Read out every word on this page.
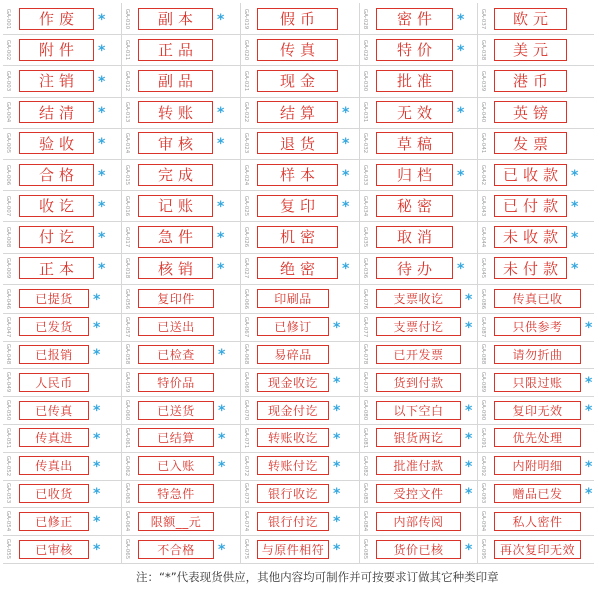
GA-001 作废 *	GA-010 副本 *	GA-019 假币	GA-028 密件 *	GA-037 欧元
GA-002 附件 *	GA-011 正品	GA-020 传真	GA-029 特价 *	GA-038 美元
GA-003 注销 *	GA-012 副品	GA-021 现金	GA-030 批准	GA-039 港币
GA-004 结清 *	GA-013 转账 *	GA-022 结算 * GA-031 无效 *	GA-040 英镑
GA-005 验收 *	GA-014 审核 *	GA-023 退货 * GA-032 草稿	GA-041 发票
GA-006 合格 *	GA-015 完成	GA-024 样本 * GA-033 归档 *	GA-042 已收款 *
GA-007 收讫 *	GA-016 记账 *	GA-025 复印 * GA-034 秘密	GA-043 已付款 *
GA-008 付讫 *	GA-017 急件 *	GA-026 机密	GA-035 取消	GA-044 未收款 *
GA-009 正本 *	GA-018 核销 *	GA-027 绝密 * GA-036 待办 *	GA-045 未付款 *
GA-046 已提货 *	GA-056 复印件	GA-066 印刷品	GA-076 支票收讫 * GA-086 传真已收
GA-047 已发货 *	GA-057 已送出	GA-067 已修订 *	GA-077 支票付讫 * GA-087 只供参考 *
GA-048 已报销 *	GA-058 已检查 *	GA-068 易碎品	GA-078 已开发票	GA-088 请勿折曲
GA-049 人民币	GA-059 特价品	GA-069 现金收讫 *	GA-079 货到付款	GA-089 只限过账 *
GA-050 已传真 *	GA-060 已送货 *	GA-070 现金付讫 *	GA-080 以下空白 * GA-090 复印无效 *
GA-051 传真进 *	GA-061 已结算 *	GA-071 转账收讫 *	GA-081 银货两讫 * GA-091 优先处理
GA-052 传真出 *	GA-062 已入账 *	GA-072 转账付讫 *	GA-082 批准付款 * GA-092 内附明细 *
GA-053 已收货 *	GA-063 特急件	GA-073 银行收讫 *	GA-083 受控文件 * GA-093 赠品已发 *
GA-054 已修正 *	GA-064 限额__元	GA-074 银行付讫 *	GA-084 内部传阅	GA-094 私人密件
GA-055 已审核 *	GA-065 不合格 *	GA-075 与原件相符 *	GA-085 货价已核 * GA-095 再次复印无效
注：“*”代表现货供应，其他内容均可制作并可按要求订做其它种类印章
